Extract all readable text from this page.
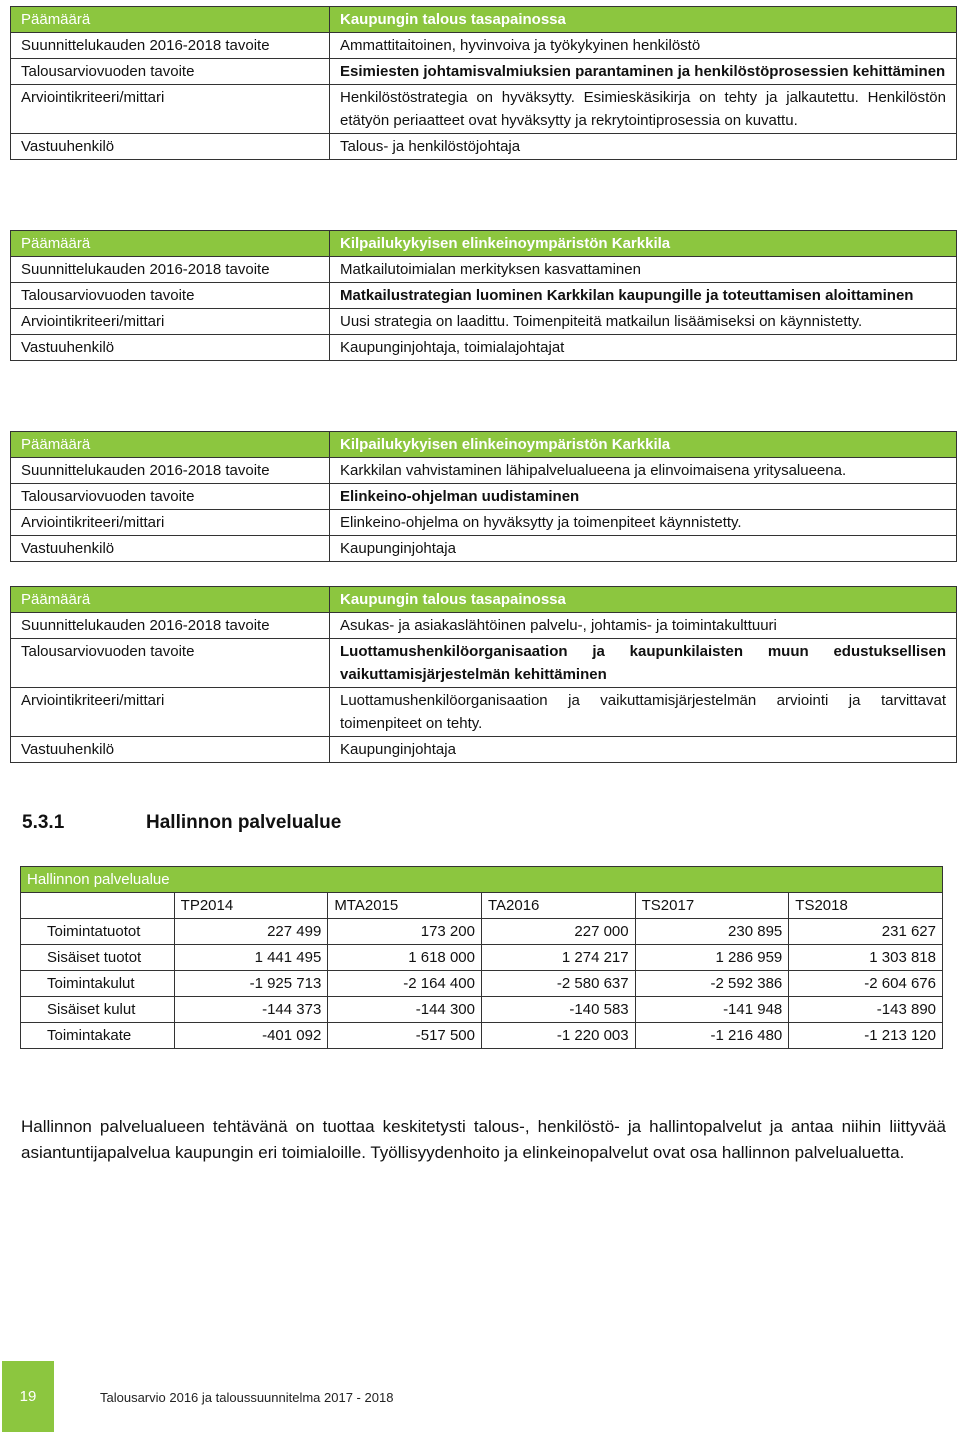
Päämäärä	Kaupungin talous tasapainossa
Suunnittelukauden 2016-2018 tavoite	Ammattitaitoinen, hyvinvoiva ja työkykyinen henkilöstö
Talousarviovuoden tavoite	Esimiesten johtamisvalmiuksien parantaminen ja henkilöstöprosessien kehittäminen
Arviointikriteeri/mittari	Henkilöstöstrategia on hyväksytty. Esimieskäsikirja on tehty ja jalkautettu. Henkilöstön etätyön periaatteet ovat hyväksytty ja rekrytointiprosessia on kuvattu.
Vastuuhenkilö	Talous- ja henkilöstöjohtaja
Päämäärä	Kilpailukykyisen elinkeinoympäristön Karkkila
Suunnittelukauden 2016-2018 tavoite	Matkailutoimialan merkityksen kasvattaminen
Talousarviovuoden tavoite	Matkailustrategian luominen Karkkilan kaupungille ja toteuttamisen aloittaminen
Arviointikriteeri/mittari	Uusi strategia on laadittu. Toimenpiteitä matkailun lisäämiseksi on käynnistetty.
Vastuuhenkilö	Kaupunginjohtaja, toimialajohtajat
Päämäärä	Kilpailukykyisen elinkeinoympäristön Karkkila
Suunnittelukauden 2016-2018 tavoite	Karkkilan vahvistaminen lähipalvelualueena ja elinvoimaisena yritysalueena.
Talousarviovuoden tavoite	Elinkeino-ohjelman uudistaminen
Arviointikriteeri/mittari	Elinkeino-ohjelma on hyväksytty ja toimenpiteet käynnistetty.
Vastuuhenkilö	Kaupunginjohtaja
Päämäärä	Kaupungin talous tasapainossa
Suunnittelukauden 2016-2018 tavoite	Asukas- ja asiakaslähtöinen palvelu-, johtamis- ja toimintakulttuuri
Talousarviovuoden tavoite	Luottamushenkilöorganisaation ja kaupunkilaisten muun edustuksellisen vaikuttamisjärjestelmän kehittäminen
Arviointikriteeri/mittari	Luottamushenkilöorganisaation ja vaikuttamisjärjestelmän arviointi ja tarvittavat toimenpiteet on tehty.
Vastuuhenkilö	Kaupunginjohtaja
5.3.1	Hallinnon palvelualue
Hallinnon palvelualue					
	TP2014	MTA2015	TA2016	TS2017	TS2018
Toimintatuotot	227 499	173 200	227 000	230 895	231 627
Sisäiset tuotot	1 441 495	1 618 000	1 274 217	1 286 959	1 303 818
Toimintakulut	-1 925 713	-2 164 400	-2 580 637	-2 592 386	-2 604 676
Sisäiset kulut	-144 373	-144 300	-140 583	-141 948	-143 890
Toimintakate	-401 092	-517 500	-1 220 003	-1 216 480	-1 213 120

Hallinnon palvelualueen tehtävänä on tuottaa keskitetysti talous-, henkilöstö- ja hallintopalvelut ja antaa niihin liittyvää asiantuntijapalvelua kaupungin eri toimialoille. Työllisyydenhoito ja elinkeinopalvelut ovat osa hallinnon palvelualuetta.

19	Talousarvio 2016 ja taloussuunnitelma 2017 - 2018
